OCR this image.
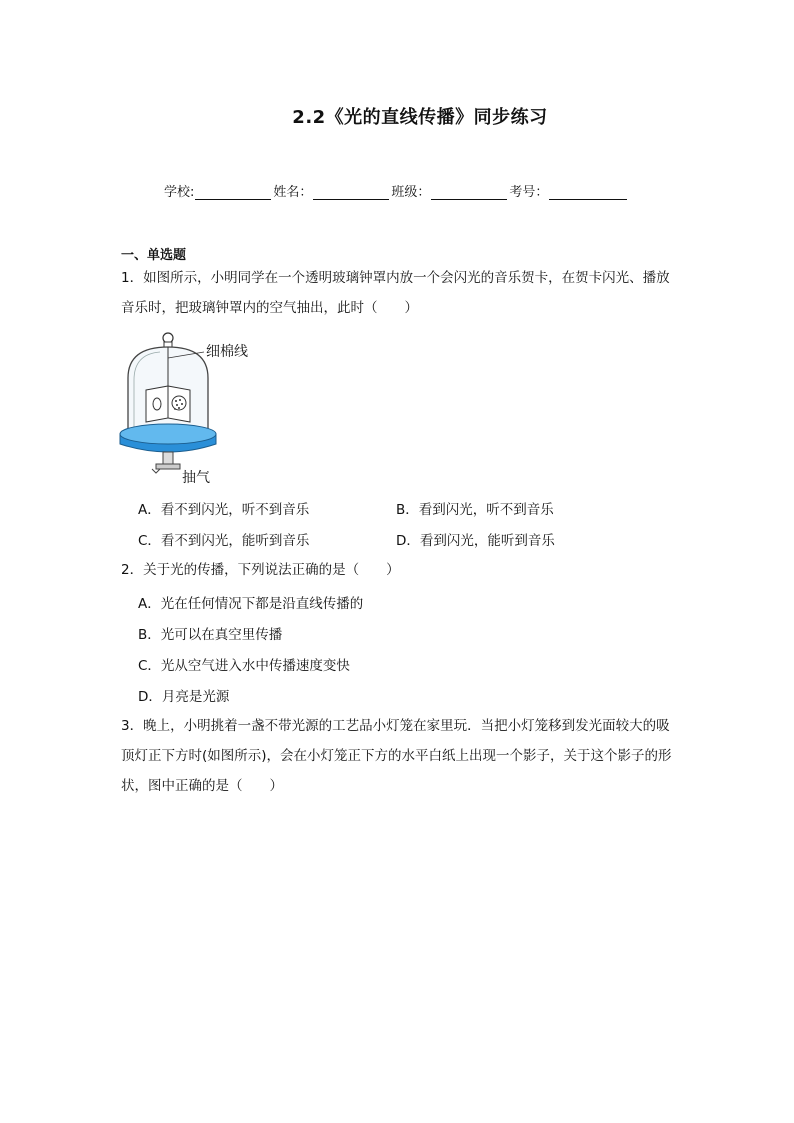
2.2《光的直线传播》同步练习
学校:	姓名：	班级：	考号：
一、单选题
1．如图所示，小明同学在一个透明玻璃钟罩内放一个会闪光的音乐贺卡，在贺卡闪光、播放音乐时，把玻璃钟罩内的空气抽出，此时（　　）
细棉线
抽气
A．看不到闪光，听不到音乐	B．看到闪光，听不到音乐
C．看不到闪光，能听到音乐	D．看到闪光，能听到音乐
2．关于光的传播，下列说法正确的是（　　）
A．光在任何情况下都是沿直线传播的
B．光可以在真空里传播
C．光从空气进入水中传播速度变快
D．月亮是光源
3．晚上，小明挑着一盏不带光源的工艺品小灯笼在家里玩．当把小灯笼移到发光面较大的吸顶灯正下方时(如图所示)，会在小灯笼正下方的水平白纸上出现一个影子，关于这个影子的形状，图中正确的是（　　）
